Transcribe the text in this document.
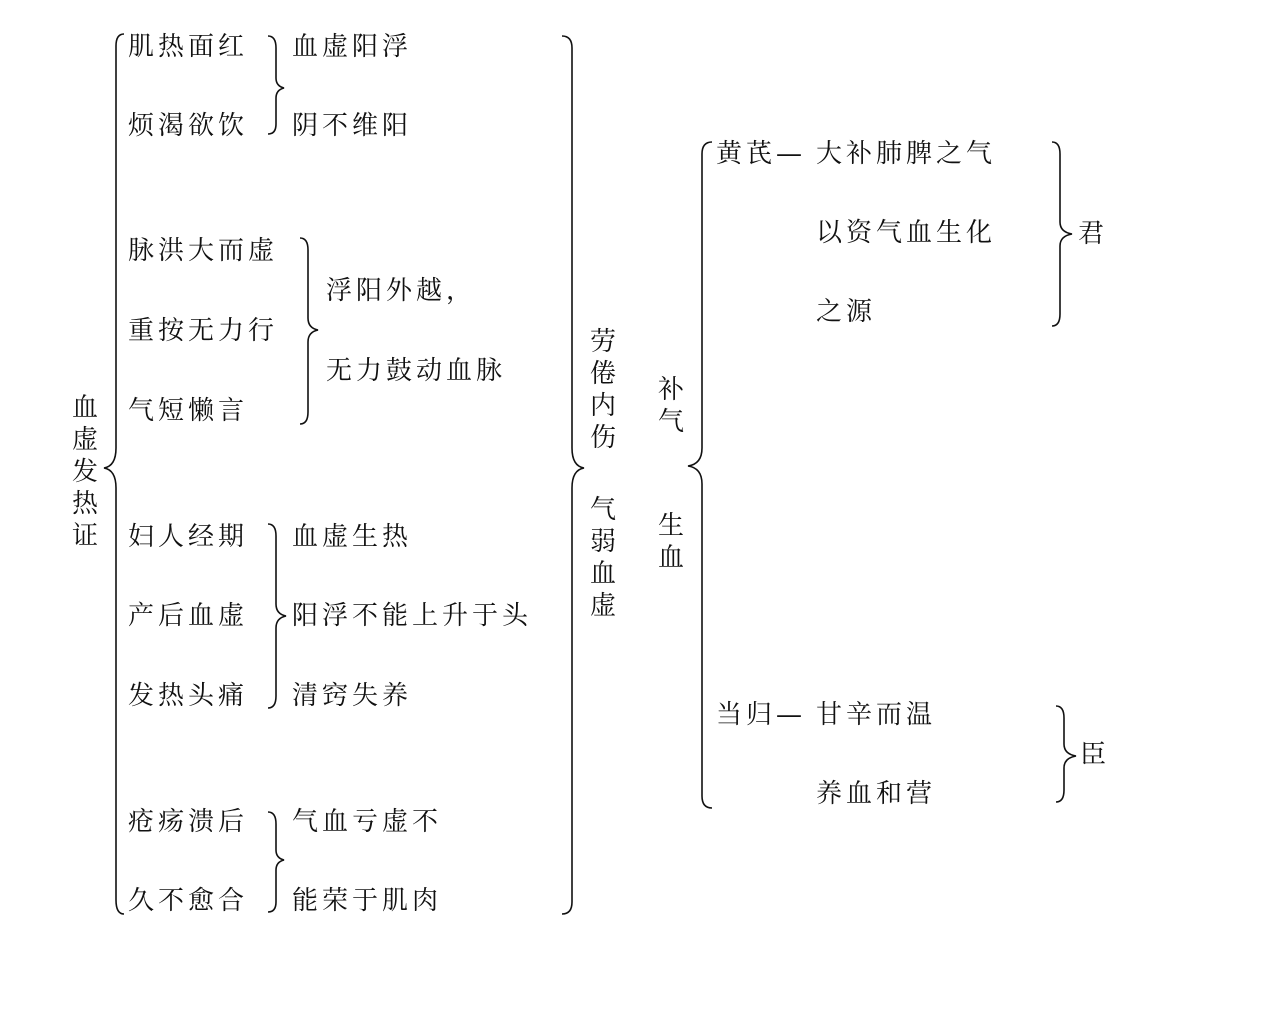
血虚发热证
肌热面红
烦渴欲饮
血虚阳浮
阴不维阳
脉洪大而虚
重按无力行
气短懒言
浮阳外越，
无力鼓动血脉
妇人经期
产后血虚
发热头痛
血虚生热
阳浮不能上升于头
清窍失养
疮疡溃后
久不愈合
气血亏虚不
能荣于肌肉
劳倦内伤
气弱血虚
补气
生血
黄芪— 大补肺脾之气
以资气血生化
之源
君
当归— 甘辛而温
养血和营
臣
